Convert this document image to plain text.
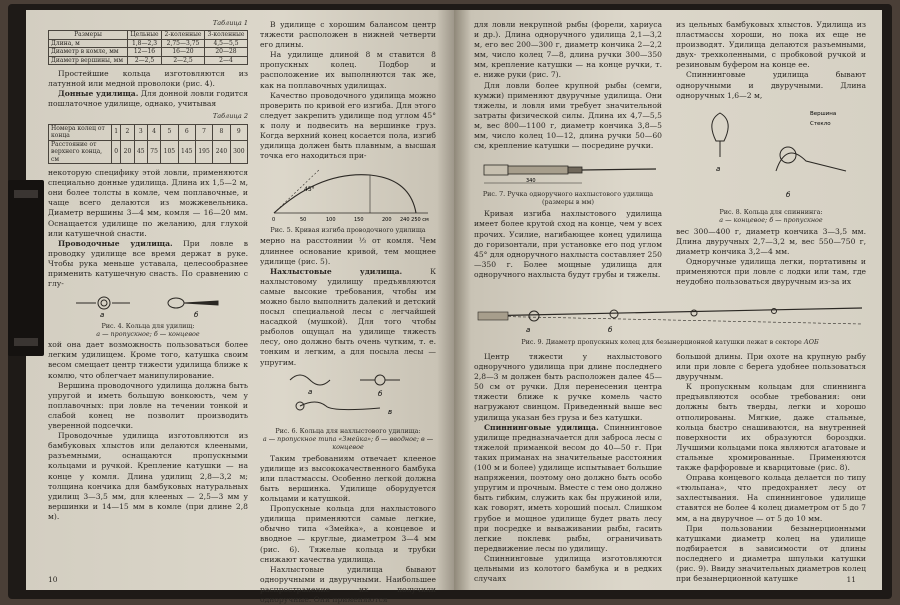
Таблица 1
Размеры	Цельные	2-коленные	3-коленные
Длина, м	1,8—2,3	2,75—3,75	4,5—5,5
Диаметр в комле, мм	12—16	16—20	20—28
Диаметр вершины, мм	2—2,5	2—2,5	2—4

Простейшие кольца изготовляются из латунной или медной проволоки (рис. 4).

Донные удилища. Для донной ловли годится пошлаточное удилище, однако, учитывая

Таблица 2
Номера колец от конца	1	2	3	4	5	6	7	8	9
Расстояние от верхнего конца, см	0	20	45	75	105	145	195	240	300

некоторую специфику этой ловли, применяются специально донные удилища. Длина их 1,5—2 м, они более толсты в комле, чем поплавочные, и чаще всего делаются из можжевельника. Диаметр вершины 3—4 мм, комля — 16—20 мм. Оснащается удилище по желанию, для глухой или катушечной снасти.

Проводочные удилища. При ловле в проводку удилище все время держат в руке. Чтобы рука меньше уставала, целесообразнее применить катушечную снасть. По сравнению с глу-

а	б
Рис. 4. Кольца для удилищ:
а — пропускное; б — концевое

хой она дает возможность пользоваться более легким удилищем. Кроме того, катушка своим весом смещает центр тяжести удилища ближе к комлю, что облегчает манипулирование.

Вершина проводочного удилища должна быть упругой и иметь большую вонкоюсть, чем у поплавочных: при ловле на течении тонкой и слабой конец не позволит производить уверенной подсечки.

Проводочные удилища изготовляются из бамбуковых хлыстов или делаются клееными, разъемными, оснащаются пропускными кольцами и ручкой. Крепление катушки — на конце у комля. Длина удилищ 2,8—3,2 м; толщина кончика для бамбуковых натуральных удилищ 3—3,5 мм, для клееных — 2,5—3 мм у вершинки и 14—15 мм в комле (при длине 2,8 м).

В удилище с хорошим балансом центр тяжести расположен в нижней четверти его длины.

На удилище длиной 8 м ставится 8 пропускных колец. Подбор и расположение их выполняются так же, как на поплавочных удилищах.

Качество проводочного удилища можно проверить по кривой его изгиба. Для этого следует закрепить удилище под углом 45° к полу и подвесить на вершинке груз. Когда верхний конец косается пола, изгиб удилища должен быть плавным, а высшая точка его находиться при-

45°
0	50	100	150	200 240 250 см
Рис. 5. Кривая изгиба проводочного удилища

мерно на расстоянии ⅓ от комля. Чем длиннее основание кривой, тем мощнее удилище (рис. 5).

Нахлыстовые удилища.	К нахлыстовому удилищу предъявляются самые высокие требования, чтобы им можно было выполнить далекий и детский посыл специальной лесы с легчайшей насадкой (мушкой). Для того чтобы рыболов ощущал на удилище тяжесть лесу, оно должно быть очень чутким, т. е. тонким и легким, а для посыла лесы — упругим.

а	б
в
Рис. 6. Кольца для нахлыстового удилища:
а — пропускное типа «Змейка»; б — вводное; в — концевое

Таким требованиям отвечает клееное удилище из высококачественного бамбука или пластмассы. Особенно легкой должна быть вершинка. Удилище оборудуется кольцами и катушкой.

Пропускные кольца для нахлыстового удилища применяются самые легкие, обычно типа «Змейка», а концевое и вводное — круглые, диаметром 3—4 мм (рис. 6). Тяжелые кольца и трубки снижают качества удилища.

Нахлыстовые удилища бывают одноручными и двуручными. Наибольшее распространение их получили одноручные. Они применяются

10

для ловли некрупной рыбы (форели, хариуса и др.). Длина одноручного удилища 2,1—3,2 м, его вес 200—300 г, диаметр кончика 2—2,2 мм, число колец 7—8, длина ручки 300—350 мм, крепление катушки — на конце ручки, т. е. ниже руки (рис. 7).

Для ловли более крупной рыбы (семги, кумжи) применяют двуручные удилища. Они тяжелы, и ловля ими требует значительной затраты физической силы. Длина их 4,7—5,5 м, вес 800—1100 г, диаметр кончика 3,8—5 мм, число колец 10—12, длина ручки 50—60 см, крепление катушки — посредине ручки.

340
Рис. 7. Ручка одноручного нахлыстового удилища (размеры в мм)

Кривая изгиба нахлыстового удилища имеет более крутой сход на конце, чем у всех прочих. Усилие, нагибающее конец удилища до горизонтали, при установке его под углом 45° для одноручного нахлыста составляет 250—350 г. Более мощные удилища для одноручного нахлыста будут грубы и тяжелы.

а	б
Рис. 9. Диаметр пропускных колец для безынерционной катушки лежат в секторе АОБ

Центр тяжести у нахлыстового одноручного удилища при длине последнего 2,8—3 м должен быть расположен далее 45—50 см от ручки. Для перенесения центра тяжести ближе к ручке комель часто нагружают свинцом. Приведенный выше вес удилища указан без груза и без катушки.

Спиннинговые удилища. Спиннинговое удилище предназначается для заброса лесы с тяжелой приманкой весом до 40—50 г. При таких приманах на значительные расстояния (100 м и более) удилище испытывает большие напряжения, поэтому оно должно быть особо упругим и прочным. Вместе с тем оно должно быть гибким, служить как бы пружиной или, как говорят, иметь хороший посыл. Слишком грубое и мощное удилище будет рвать лесу при посредке и вываживании рыбы, гасить легкие поклевк рыбы, ограничивать передвижение лесы по удилищу.

Спиннинговые удилища изготовляются цельными из колотого бамбука и в редких случаях

из цельных бамбуковых хлыстов. Удилища из пластмассы хороши, но пока их еще не производят. Удилища делаются разъемными, двух- трехколенными, с пробковой ручкой и резиновым буфером на конце ее.

Спиннинговые удилища бывают одноручными и двуручными. Длина одноручных 1,6—2 м,

Вершина
Стекло
а
б
Рис. 8. Кольца для спиннинга:
а — концевое; б — пропускное

вес 300—400 г, диаметр кончика 3—3,5 мм. Длина двуручных 2,7—3,2 м, вес 550—750 г, диаметр кончика 3,2—4 мм.

Одноручные удилища легки, портативны и применяются при ловле с лодки или там, где неудобно пользоваться двуручным из-за их

большой длины. При охоте на крупную рыбу или при ловле с берега удобнее пользоваться двуручным.

К пропускным кольцам для спиннинга предъявляются особые требования: они должны быть тверды, легки и хорошо отполированы. Мягкие, даже стальные, кольца быстро снашиваются, на внутренней поверхности их образуются бороздки. Лучшими кольцами пока являются агатовые и стальные хромированные. Применяются также фарфоровые и кварцитовые (рис. 8).

Оправа концевого кольца делается по типу «тюльпана», что предохраняет лесу от захлестывания. На спиннинговое удилище ставятся не более 4 колец диаметром от 5 до 7 мм, а на двуручное — от 5 до 10 мм.

При пользовании безынерционными катушками диаметр колец на удилище подбирается в зависимости от длины последнего и диаметра шпульки катушки (рис. 9). Ввиду значительных диаметров колец при безынерционной катушке	11
